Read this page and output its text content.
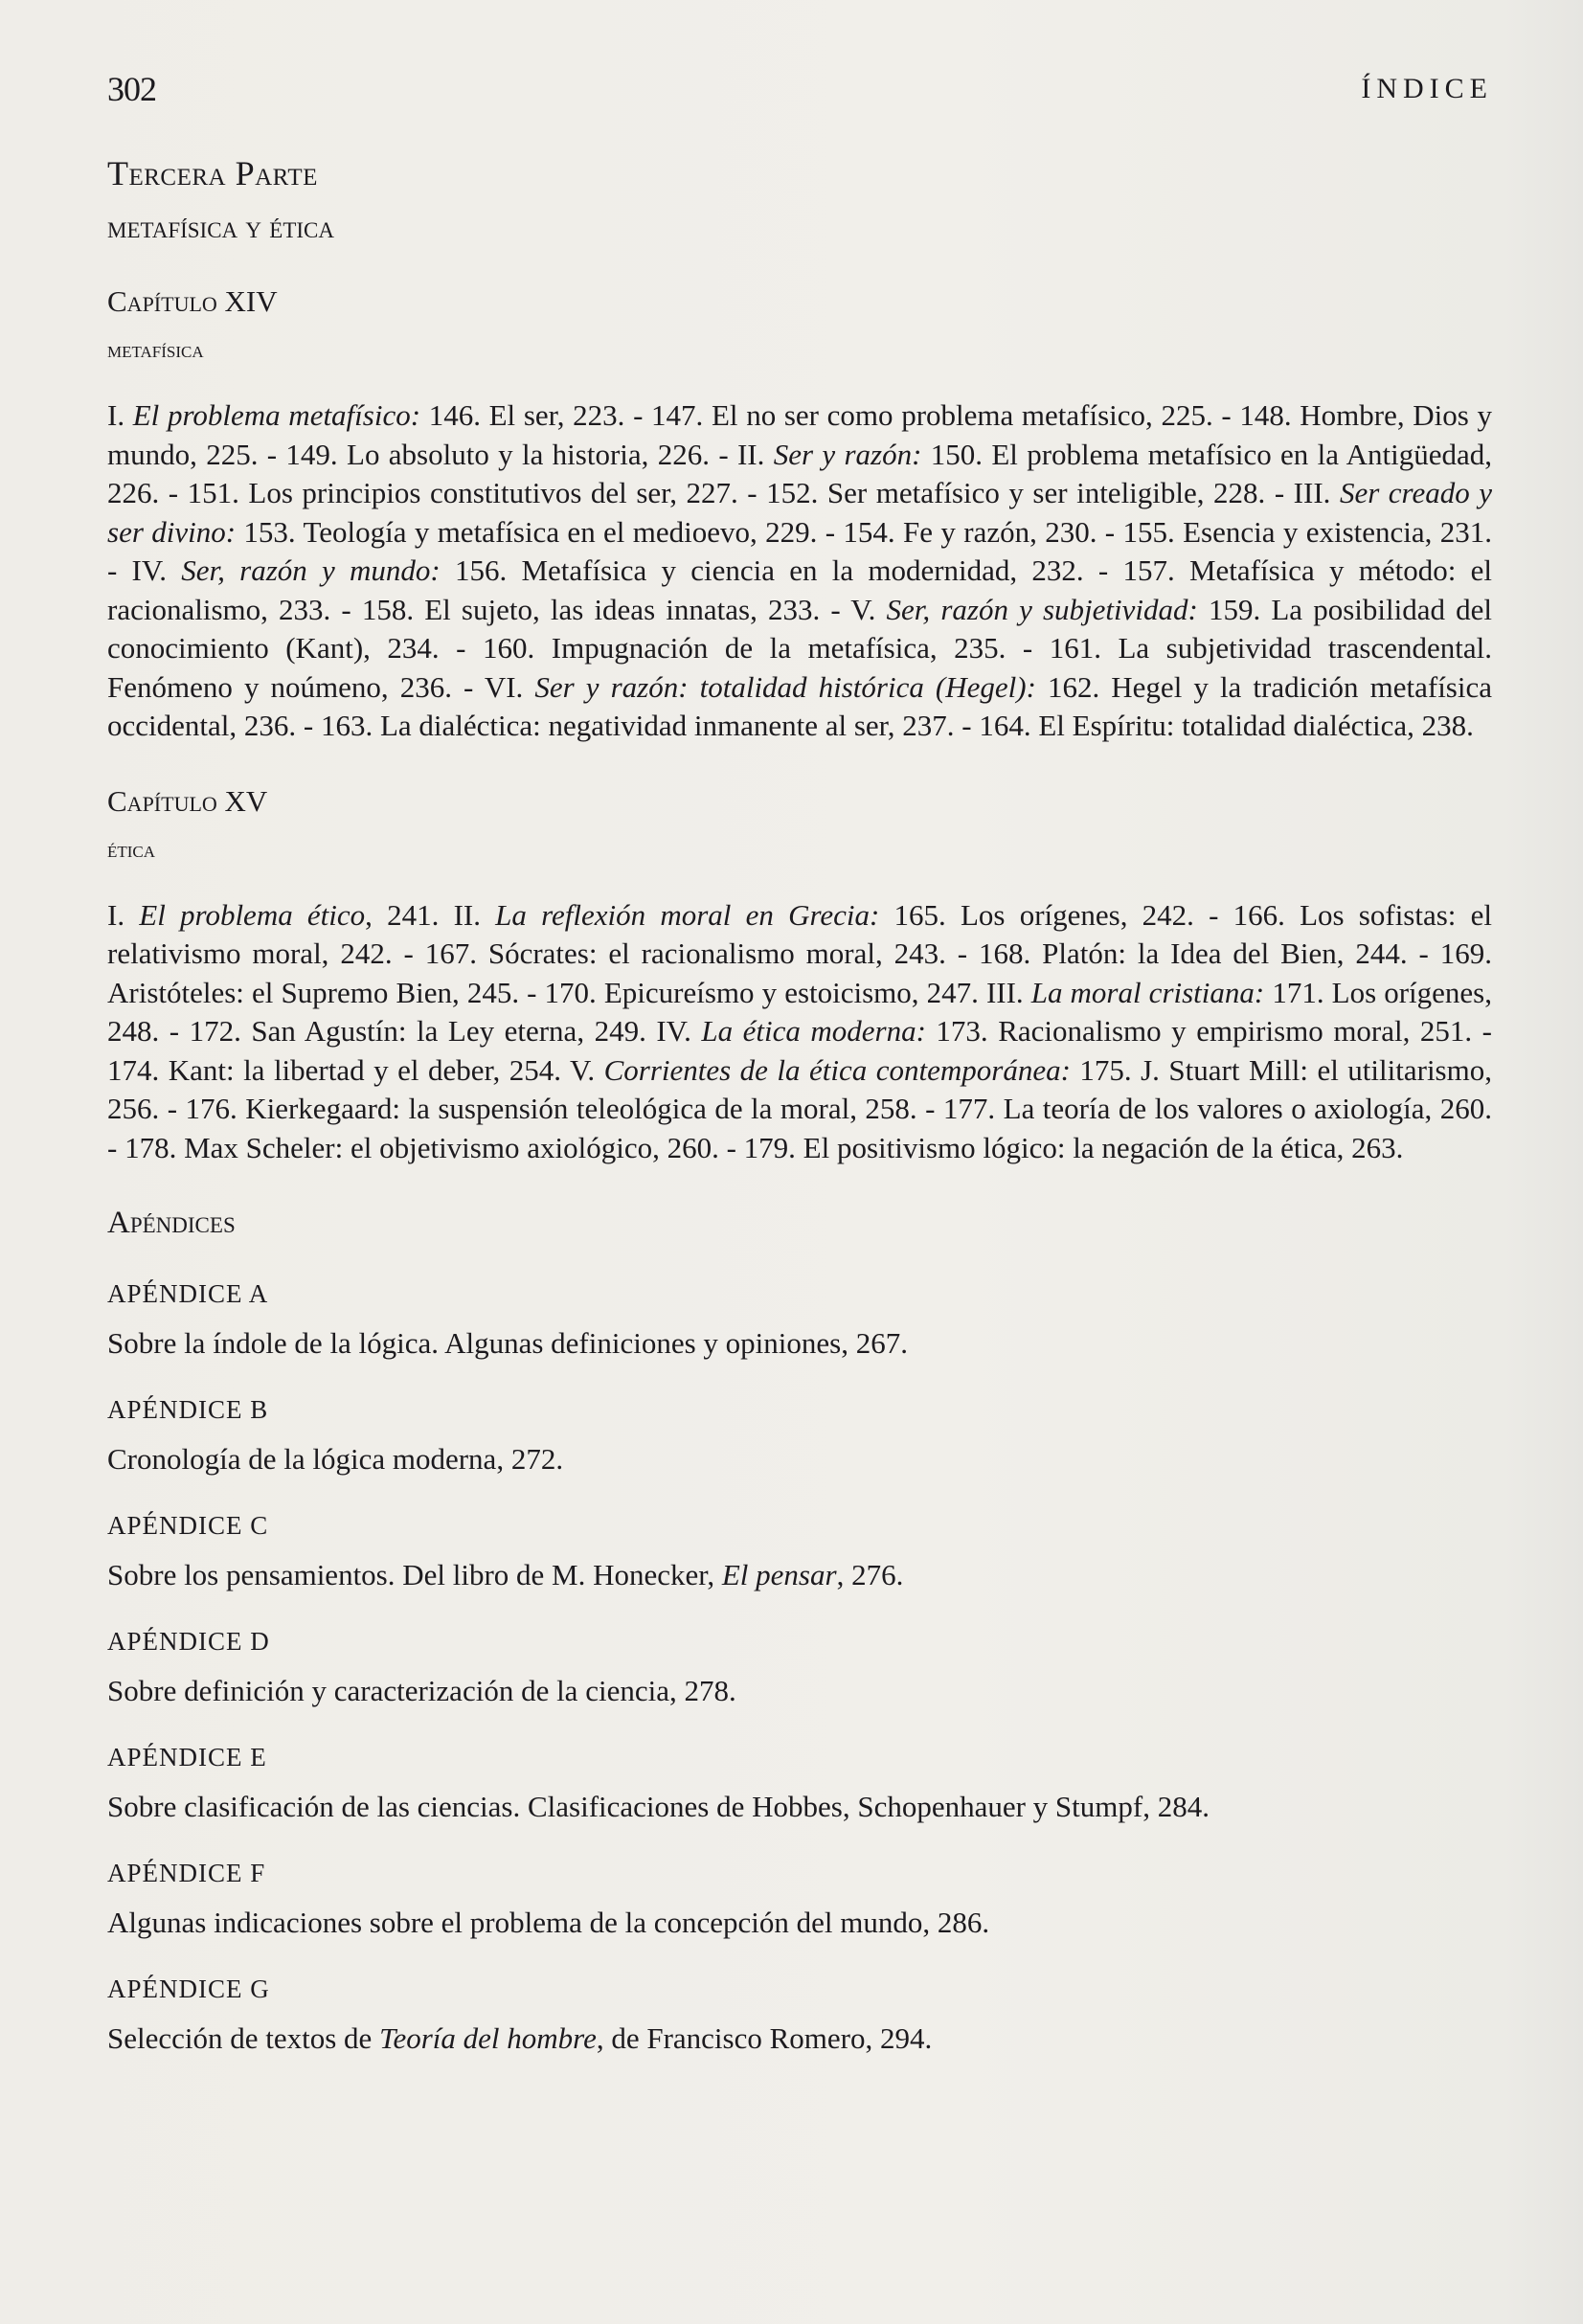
302	ÍNDICE
Tercera Parte
metafísica y ética
Capítulo XIV
metafísica

I. El problema metafísico: 146. El ser, 223. - 147. El no ser como problema metafísico, 225. - 148. Hombre, Dios y mundo, 225. - 149. Lo absoluto y la historia, 226. - II. Ser y razón: 150. El problema metafísico en la Antigüedad, 226. - 151. Los principios constitutivos del ser, 227. - 152. Ser metafísico y ser inteligible, 228. - III. Ser creado y ser divino: 153. Teología y metafísica en el medioevo, 229. - 154. Fe y razón, 230. - 155. Esencia y existencia, 231. - IV. Ser, razón y mundo: 156. Metafísica y ciencia en la modernidad, 232. - 157. Metafísica y método: el racionalismo, 233. - 158. El sujeto, las ideas innatas, 233. - V. Ser, razón y subjetividad: 159. La posibilidad del conocimiento (Kant), 234. - 160. Impugnación de la metafísica, 235. - 161. La subjetividad trascendental. Fenómeno y noúmeno, 236. - VI. Ser y razón: totalidad histórica (Hegel): 162. Hegel y la tradición metafísica occidental, 236. - 163. La dialéctica: negatividad inmanente al ser, 237. - 164. El Espíritu: totalidad dialéctica, 238.

Capítulo XV
ética

I. El problema ético, 241. II. La reflexión moral en Grecia: 165. Los orígenes, 242. - 166. Los sofistas: el relativismo moral, 242. - 167. Sócrates: el racionalismo moral, 243. - 168. Platón: la Idea del Bien, 244. - 169. Aristóteles: el Supremo Bien, 245. - 170. Epicureísmo y estoicismo, 247. III. La moral cristiana: 171. Los orígenes, 248. - 172. San Agustín: la Ley eterna, 249. IV. La ética moderna: 173. Racionalismo y empirismo moral, 251. - 174. Kant: la libertad y el deber, 254. V. Corrientes de la ética contemporánea: 175. J. Stuart Mill: el utilitarismo, 256. - 176. Kierkegaard: la suspensión teleológica de la moral, 258. - 177. La teoría de los valores o axiología, 260. - 178. Max Scheler: el objetivismo axiológico, 260. - 179. El positivismo lógico: la negación de la ética, 263.

Apéndices
APÉNDICE A
Sobre la índole de la lógica. Algunas definiciones y opiniones, 267.
APÉNDICE B
Cronología de la lógica moderna, 272.
APÉNDICE C
Sobre los pensamientos. Del libro de M. Honecker, El pensar, 276.
APÉNDICE D
Sobre definición y caracterización de la ciencia, 278.
APÉNDICE E
Sobre clasificación de las ciencias. Clasificaciones de Hobbes, Schopenhauer y Stumpf, 284.
APÉNDICE F
Algunas indicaciones sobre el problema de la concepción del mundo, 286.
APÉNDICE G
Selección de textos de Teoría del hombre, de Francisco Romero, 294.
